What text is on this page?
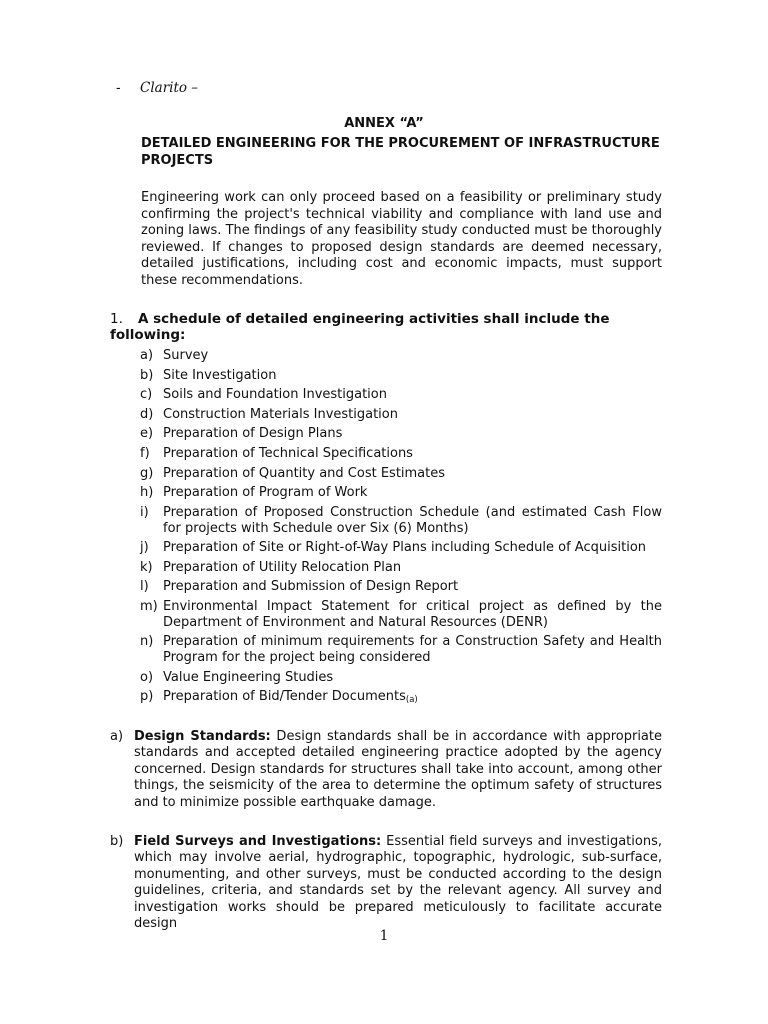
- Clarito –
ANNEX “A”
DETAILED ENGINEERING FOR THE PROCUREMENT OF INFRASTRUCTURE PROJECTS
Engineering work can only proceed based on a feasibility or preliminary study confirming the project's technical viability and compliance with land use and zoning laws. The findings of any feasibility study conducted must be thoroughly reviewed. If changes to proposed design standards are deemed necessary, detailed justifications, including cost and economic impacts, must support these recommendations.
1. A schedule of detailed engineering activities shall include the following:
a) Survey
b) Site Investigation
c) Soils and Foundation Investigation
d) Construction Materials Investigation
e) Preparation of Design Plans
f)	Preparation of Technical Specifications
g) Preparation of Quantity and Cost Estimates
h) Preparation of Program of Work
i)	Preparation of Proposed Construction Schedule (and estimated Cash Flow for projects with Schedule over Six (6) Months)
j)	Preparation of Site or Right-of-Way Plans including Schedule of Acquisition
k) Preparation of Utility Relocation Plan
l)	Preparation and Submission of Design Report
m) Environmental Impact Statement for critical project as defined by the Department of Environment and Natural Resources (DENR)
n) Preparation of minimum requirements for a Construction Safety and Health Program for the project being considered
o) Value Engineering Studies
p) Preparation of Bid/Tender Documents(a)
a) Design Standards: Design standards shall be in accordance with appropriate standards and accepted detailed engineering practice adopted by the agency concerned. Design standards for structures shall take into account, among other things, the seismicity of the area to determine the optimum safety of structures and to minimize possible earthquake damage.
b) Field Surveys and Investigations: Essential field surveys and investigations, which may involve aerial, hydrographic, topographic, hydrologic, sub-surface, monumenting, and other surveys, must be conducted according to the design guidelines, criteria, and standards set by the relevant agency. All survey and investigation works should be prepared meticulously to facilitate accurate design
1
